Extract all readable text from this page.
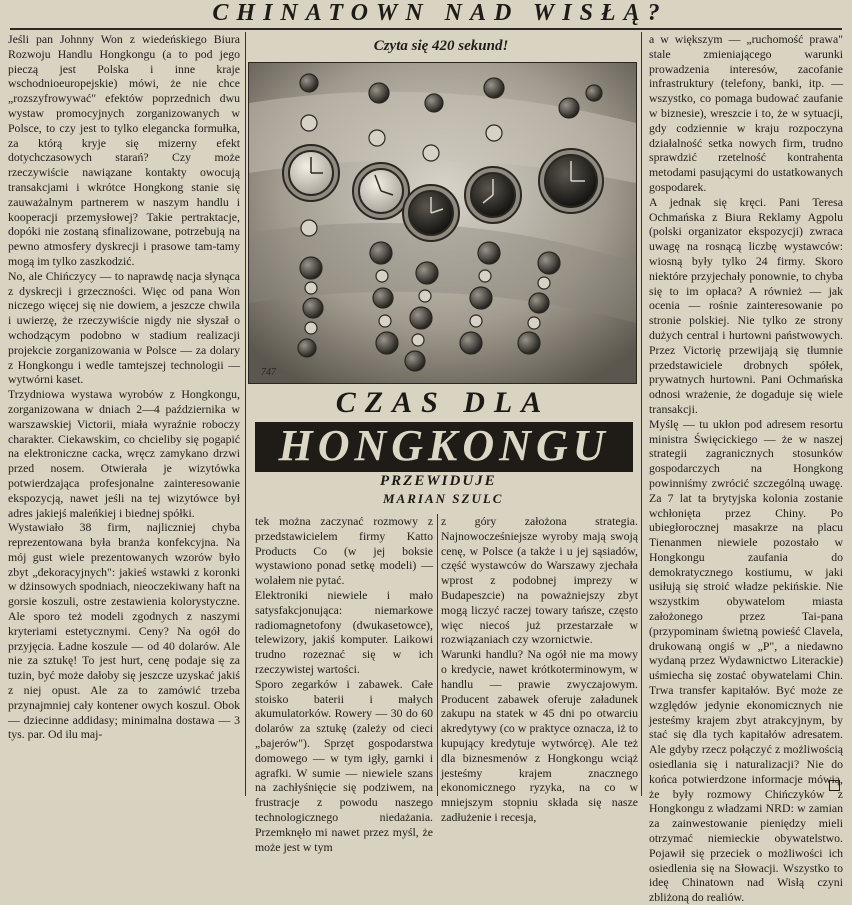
CHINATOWN NAD WISŁĄ?
Jeśli pan Johnny Won z wiedeńskiego Biura Rozwoju Handlu Hongkongu (a to pod jego pieczą jest Polska i inne kraje wschodnioeuropejskie) mówi, że nie chce „rozszyfrowywać" efektów poprzednich dwu wystaw promocyjnych zorganizowanych w Polsce, to czy jest to tylko elegancka formułka, za którą kryje się mizerny efekt dotychczasowych starań? Czy może rzeczywiście nawiązane kontakty owocują transakcjami i wkrótce Hongkong stanie się zauważalnym partnerem w naszym handlu i kooperacji przemysłowej? Takie pertraktacje, dopóki nie zostaną sfinalizowane, potrzebują na pewno atmosfery dyskrecji i prasowe tam-tamy mogą im tylko zaszkodzić.
No, ale Chińczycy — to naprawdę nacja słynąca z dyskrecji i grzeczności. Więc od pana Won niczego więcej się nie dowiem, a jeszcze chwila i uwierzę, że rzeczywiście nigdy nie słyszał o wchodzącym podobno w stadium realizacji projekcie zorganizowania w Polsce — za dolary z Hongkongu i wedle tamtejszej technologii — wytwórni kaset.
Trzydniowa wystawa wyrobów z Hongkongu, zorganizowana w dniach 2—4 października w warszawskiej Victorii, miała wyraźnie roboczy charakter. Ciekawskim, co chcieliby się pogapić na elektroniczne cacka, wręcz zamykano drzwi przed nosem. Otwierała je wizytówka potwierdzająca profesjonalne zainteresowanie ekspozycją, nawet jeśli na tej wizytówce był adres jakiejś maleńkiej i biednej spółki.
Wystawiało 38 firm, najliczniej chyba reprezentowana była branża konfekcyjna. Na mój gust wiele prezentowanych wzorów było zbyt „dekoracyjnych": jakieś wstawki z koronki w dżinsowych spodniach, nieoczekiwany haft na gorsie koszuli, ostre zestawienia kolorystyczne. Ale sporo też modeli zgodnych z naszymi kryteriami estetycznymi. Ceny? Na ogół do przyjęcia. Ładne koszule — od 40 dolarów. Ale nie za sztukę! To jest hurt, cenę podaje się za tuzin, być może dałoby się jeszcze uzyskać jakiś z niej opust. Ale za to zamówić trzeba przynajmniej cały kontener owych koszul. Obok — dziecinne addidasy; minimalna dostawa — 3 tys. par. Od ilu maj-
Czyta się 420 sekund!
747
CZAS DLA
HONGKONGU
PRZEWIDUJE
MARIAN SZULC
tek można zaczynać rozmowy z przedstawicielem firmy Katto Products Co (w jej boksie wystawiono ponad setkę modeli) — wolałem nie pytać.
Elektroniki niewiele i mało satysfakcjonująca: niemarkowe radiomagnetofony (dwukasetowce), telewizory, jakiś komputer. Laikowi trudno rozeznać się w ich rzeczywistej wartości.
Sporo zegarków i zabawek. Całe stoisko baterii i małych akumulatorków. Rowery — 30 do 60 dolarów za sztukę (zależy od cieci „bajerów"). Sprzęt gospodarstwa domowego — w tym igły, garnki i agrafki. W sumie — niewiele szans na zachłyśnięcie się podziwem, na frustracje z powodu naszego technologicznego niedażania. Przemknęło mi nawet przez myśl, że może jest w tym
z góry założona strategia. Najnowocześniejsze wyroby mają swoją cenę, w Polsce (a także i u jej sąsiadów, część wystawców do Warszawy zjechała wprost z podobnej imprezy w Budapeszcie) na poważniejszy zbyt mogą liczyć raczej towary tańsze, często więc niecoś już przestarzałe w rozwiązaniach czy wzornictwie.
Warunki handlu? Na ogół nie ma mowy o kredycie, nawet krótkoterminowym, w handlu — prawie zwyczajowym. Producent zabawek oferuje załadunek zakupu na statek w 45 dni po otwarciu akredytywy (co w praktyce oznacza, iż to kupujący kredytuje wytwórcę). Ale też dla biznesmenów z Hongkongu wciąż jesteśmy krajem znacznego ekonomicznego ryzyka, na co w mniejszym stopniu składa się nasze zadłużenie i recesja,
a w większym — „ruchomość prawa" stale zmieniającego warunki prowadzenia interesów, zacofanie infrastruktury (telefony, banki, itp. — wszystko, co pomaga budować zaufanie w biznesie), wreszcie i to, że w sytuacji, gdy codziennie w kraju rozpoczyna działalność setka nowych firm, trudno sprawdzić rzetelność kontrahenta metodami pasującymi do ustatkowanych gospodarek.
A jednak się kręci. Pani Teresa Ochmańska z Biura Reklamy Agpolu (polski organizator ekspozycji) zwraca uwagę na rosnącą liczbę wystawców: wiosną były tylko 24 firmy. Skoro niektóre przyjechały ponownie, to chyba się to im opłaca? A również — jak ocenia — rośnie zainteresowanie po stronie polskiej. Nie tylko ze strony dużych central i hurtowni państwowych. Przez Victorię przewijają się tłumnie przedstawiciele drobnych spółek, prywatnych hurtowni. Pani Ochmańska odnosi wrażenie, że dogaduje się wiele transakcji.
Myślę — tu ukłon pod adresem resortu ministra Święcickiego — że w naszej strategii zagranicznych stosunków gospodarczych na Hongkong powinniśmy zwrócić szczególną uwagę. Za 7 lat ta brytyjska kolonia zostanie wchłonięta przez Chiny. Po ubiegłorocznej masakrze na placu Tienanmen niewiele pozostało w Hongkongu zaufania do demokratycznego kostiumu, w jaki usiłują się stroić władze pekińskie. Nie wszystkim obywatelom miasta założonego przez Tai-pana (przypominam świetną powieść Clavela, drukowaną ongiś w „P", a niedawno wydaną przez Wydawnictwo Literackie) uśmiecha się zostać obywatelami Chin. Trwa transfer kapitałów. Być może ze względów jedynie ekonomicznych nie jesteśmy krajem zbyt atrakcyjnym, by stać się dla tych kapitałów adresatem. Ale gdyby rzecz połączyć z możliwością osiedlania się i naturalizacji? Nie do końca potwierdzone informacje mówią, że były rozmowy Chińczyków z Hongkongu z władzami NRD: w zamian za zainwestowanie pieniędzy mieli otrzymać niemieckie obywatelstwo. Pojawił się przeciek o możliwości ich osiedlenia się na Słowacji. Wszystko to ideę Chinatown nad Wisłą czyni zbliżoną do realiów.
